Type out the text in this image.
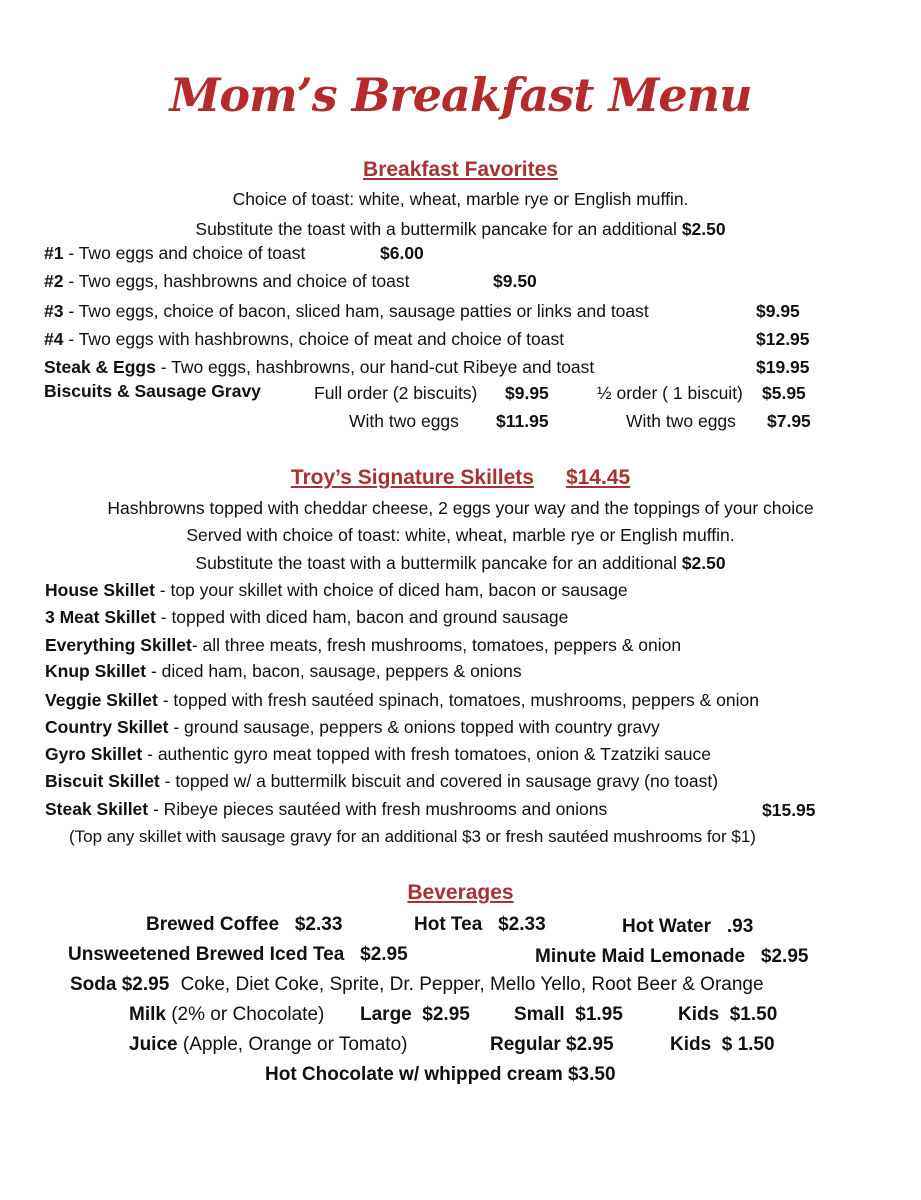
Mom’s Breakfast Menu
Breakfast Favorites
Choice of toast: white, wheat, marble rye or English muffin.
Substitute the toast with a buttermilk pancake for an additional $2.50
#1 - Two eggs and choice of toast	$6.00
#2 - Two eggs, hashbrowns and choice of toast	$9.50
#3 - Two eggs, choice of bacon, sliced ham, sausage patties or links and toast	$9.95
#4 - Two eggs with hashbrowns, choice of meat and choice of toast	$12.95
Steak & Eggs - Two eggs, hashbrowns, our hand-cut Ribeye and toast	$19.95
Biscuits & Sausage Gravy	Full order (2 biscuits) $9.95	½ order ( 1 biscuit) $5.95
With two eggs $11.95	With two eggs $7.95
Troy’s Signature Skillets $14.45
Hashbrowns topped with cheddar cheese, 2 eggs your way and the toppings of your choice
Served with choice of toast: white, wheat, marble rye or English muffin.
Substitute the toast with a buttermilk pancake for an additional $2.50
House Skillet - top your skillet with choice of diced ham, bacon or sausage
3 Meat Skillet - topped with diced ham, bacon and ground sausage
Everything Skillet- all three meats, fresh mushrooms, tomatoes, peppers & onion
Knup Skillet - diced ham, bacon, sausage, peppers & onions
Veggie Skillet - topped with fresh sautéed spinach, tomatoes, mushrooms, peppers & onion
Country Skillet - ground sausage, peppers & onions topped with country gravy
Gyro Skillet - authentic gyro meat topped with fresh tomatoes, onion & Tzatziki sauce
Biscuit Skillet - topped w/ a buttermilk biscuit and covered in sausage gravy (no toast)
Steak Skillet - Ribeye pieces sautéed with fresh mushrooms and onions	$15.95
(Top any skillet with sausage gravy for an additional $3 or fresh sautéed mushrooms for $1)
Beverages
Brewed Coffee   $2.33	Hot Tea   $2.33	Hot Water   .93
Unsweetened Brewed Iced Tea   $2.95	Minute Maid Lemonade   $2.95
Soda $2.95 Coke, Diet Coke, Sprite, Dr. Pepper, Mello Yello, Root Beer & Orange
Milk (2% or Chocolate) Large  $2.95 Small  $1.95	Kids  $1.50
Juice (Apple, Orange or Tomato)	Regular $2.95	Kids  $ 1.50
Hot Chocolate w/ whipped cream $3.50
